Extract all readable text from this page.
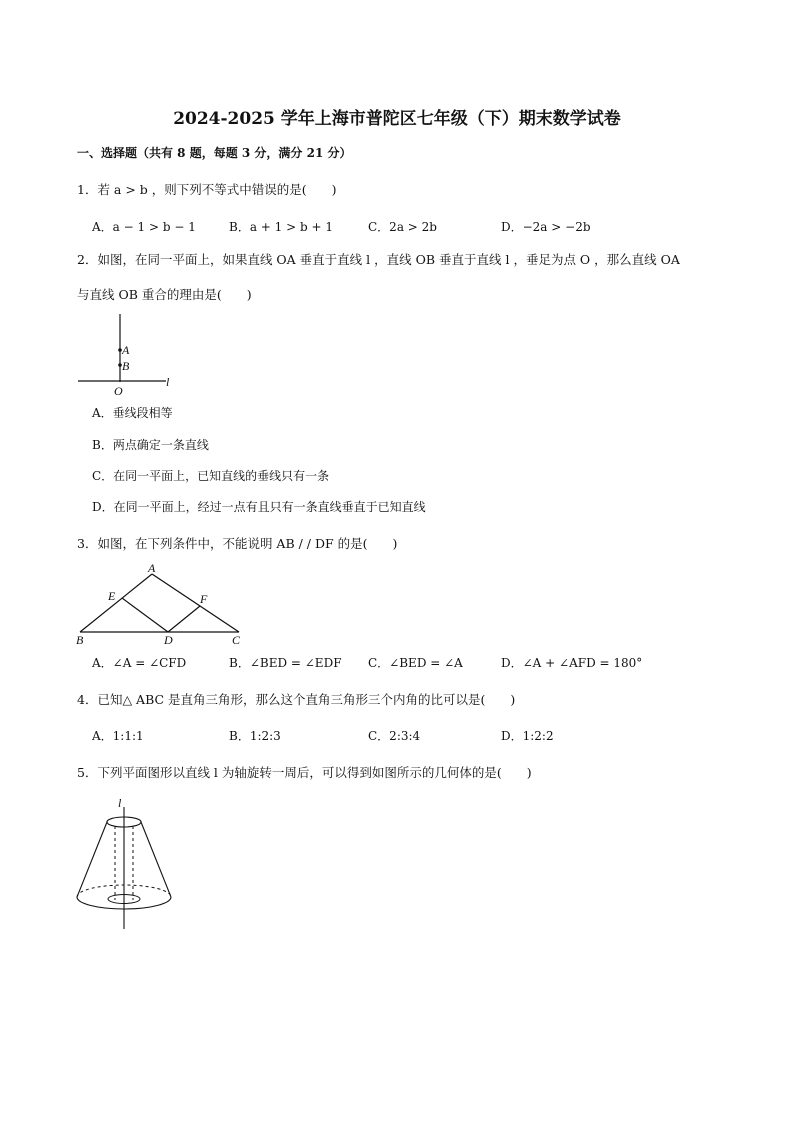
2024-2025 学年上海市普陀区七年级（下）期末数学试卷
一、选择题（共有 8 题，每题 3 分，满分 21 分）
1．若 a > b ，则下列不等式中错误的是(　　)
A．a − 1 > b − 1	B．a + 1 > b + 1	C．2a > 2b	D．−2a > −2b
2．如图，在同一平面上，如果直线 OA 垂直于直线 l ，直线 OB 垂直于直线 l ，垂足为点 O ，那么直线 OA
与直线 OB 重合的理由是(　　)
A
B
O
l
A．垂线段相等
B．两点确定一条直线
C．在同一平面上，已知直线的垂线只有一条
D．在同一平面上，经过一点有且只有一条直线垂直于已知直线
3．如图，在下列条件中，不能说明 AB / / DF 的是(　　)
A
B	C
D
E	F
A．∠A = ∠CFD	B．∠BED = ∠EDF C．∠BED = ∠A	D．∠A + ∠AFD = 180°
4．已知△ ABC 是直角三角形，那么这个直角三角形三个内角的比可以是(　　)
A．1:1:1	B．1:2:3	C．2:3:4	D．1:2:2
5．下列平面图形以直线 l 为轴旋转一周后，可以得到如图所示的几何体的是(　　)
l
